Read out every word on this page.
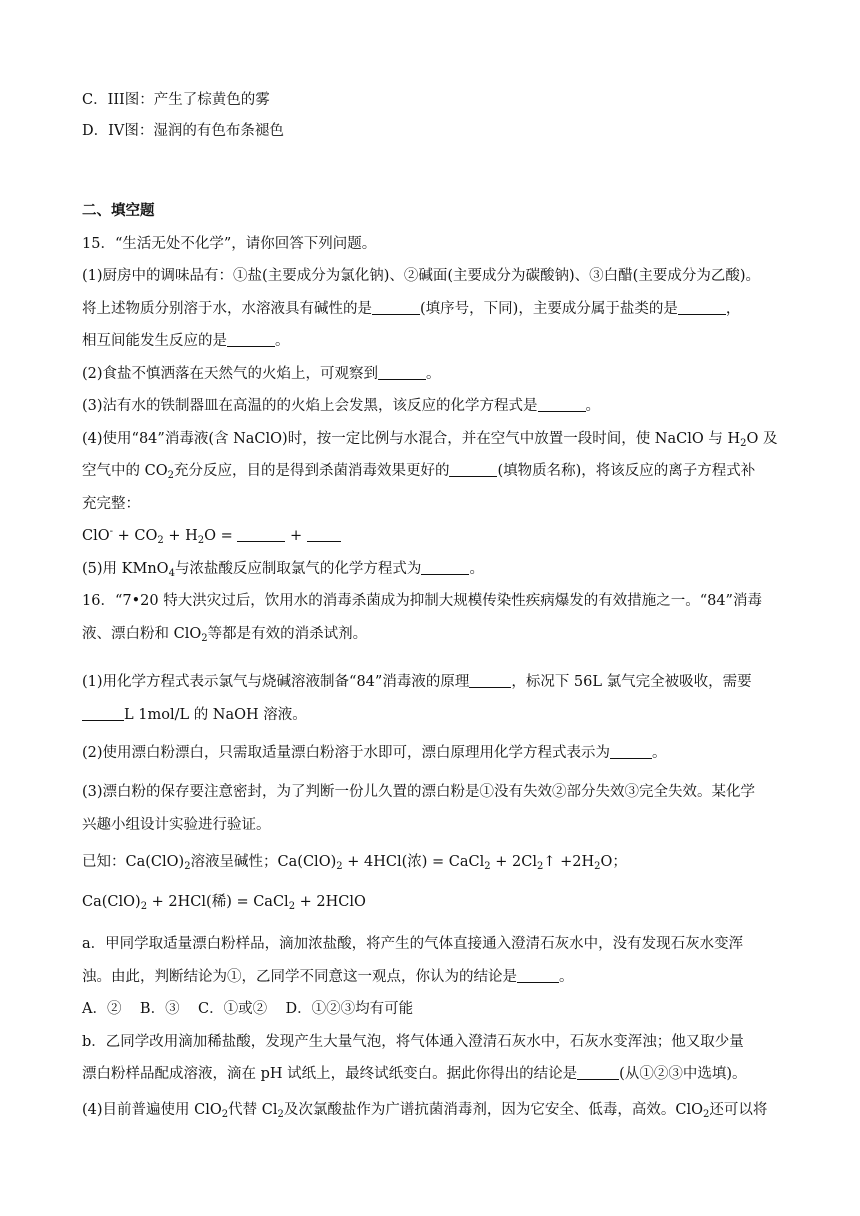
C．III图：产生了棕黄色的雾
D．IV图：湿润的有色布条褪色
二、填空题
15．“生活无处不化学”，请你回答下列问题。
(1)厨房中的调味品有：①盐(主要成分为氯化钠)、②碱面(主要成分为碳酸钠)、③白醋(主要成分为乙酸)。
将上述物质分别溶于水，水溶液具有碱性的是	(填序号，下同)，主要成分属于盐类的是	，
相互间能发生反应的是	。
(2)食盐不慎洒落在天然气的火焰上，可观察到	。
(3)沾有水的铁制器皿在高温的的火焰上会发黑，该反应的化学方程式是	。
(4)使用“84”消毒液(含 NaClO)时，按一定比例与水混合，并在空气中放置一段时间，使 NaClO 与 $H_2O$ 及
空气中的 $CO_2$充分反应，目的是得到杀菌消毒效果更好的	(填物质名称)，将该反应的离子方程式补
充完整：
$ClO^- + CO_2 + H_2O$ =	+
(5)用 KMnO$_4$与浓盐酸反应制取氯气的化学方程式为	。
16．“7•20 特大洪灾过后，饮用水的消毒杀菌成为抑制大规模传染性疾病爆发的有效措施之一。“84”消毒
液、漂白粉和 ClO$_2$等都是有效的消杀试剂。
(1)用化学方程式表示氯气与烧碱溶液制备“84”消毒液的原理	，标况下 56L 氯气完全被吸收，需要
L 1mol/L 的 NaOH 溶液。
(2)使用漂白粉漂白，只需取适量漂白粉溶于水即可，漂白原理用化学方程式表示为	。
(3)漂白粉的保存要注意密封，为了判断一份儿久置的漂白粉是①没有失效②部分失效③完全失效。某化学
兴趣小组设计实验进行验证。
已知：$Ca(ClO)_2$溶液呈碱性；$Ca(ClO)_2 + 4HCl$(浓) = CaCl$_2$ + $2Cl_2↑ +2H_2O$；
$Ca(ClO)_2 + 2HCl$(稀) = CaCl$_2$ + 2HClO
a．甲同学取适量漂白粉样品，滴加浓盐酸，将产生的气体直接通入澄清石灰水中，没有发现石灰水变浑
浊。由此，判断结论为①，乙同学不同意这一观点，你认为的结论是	。
A．②    B．③    C．①或②    D．①②③均有可能
b．乙同学改用滴加稀盐酸，发现产生大量气泡，将气体通入澄清石灰水中，石灰水变浑浊；他又取少量
漂白粉样品配成溶液，滴在 pH 试纸上，最终试纸变白。据此你得出的结论是	(从①②③中选填)。
(4)目前普遍使用 ClO$_2$代替 $Cl_2$及次氯酸盐作为广谱抗菌消毒剂，因为它安全、低毒，高效。ClO$_2$还可以将
